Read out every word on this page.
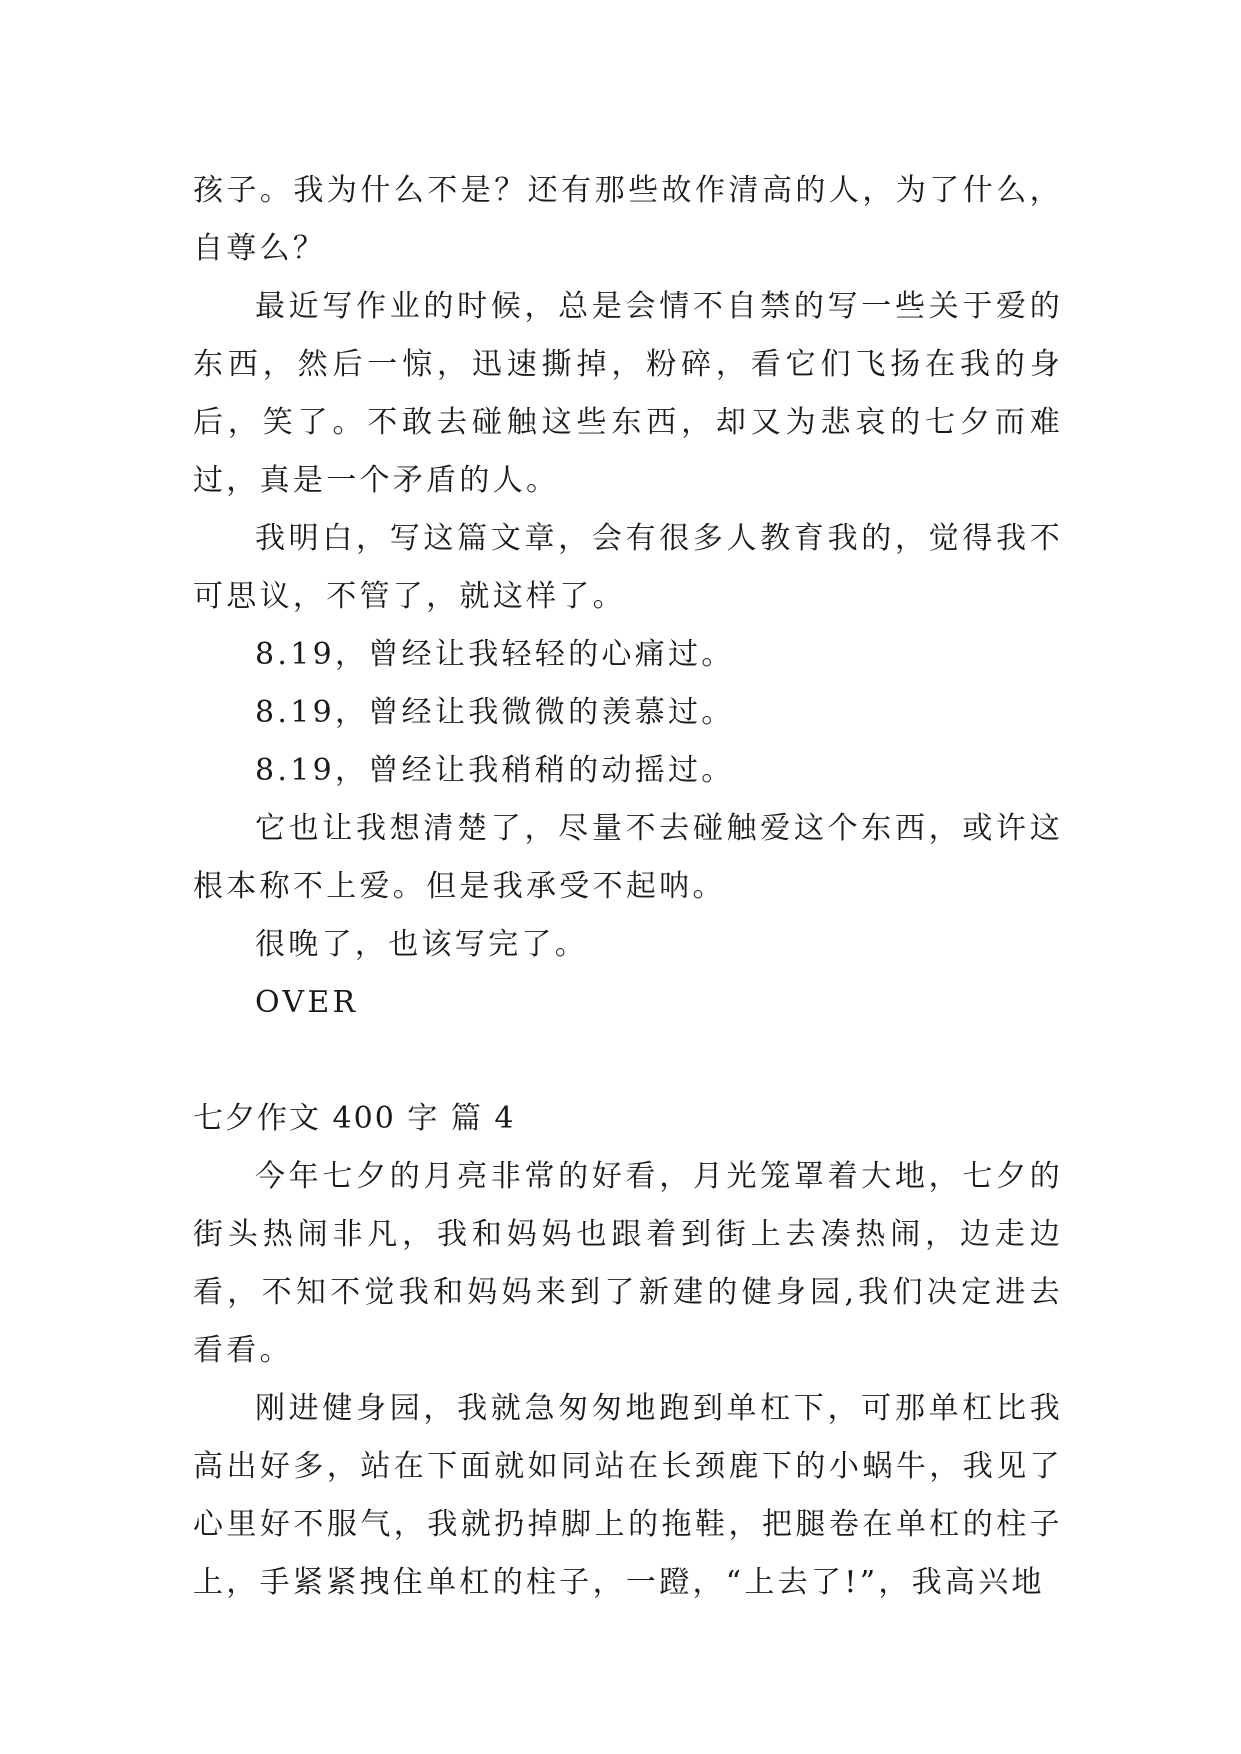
孩子。我为什么不是？还有那些故作清高的人，为了什么，自尊么？

最近写作业的时候，总是会情不自禁的写一些关于爱的东西，然后一惊，迅速撕掉，粉碎，看它们飞扬在我的身后，笑了。不敢去碰触这些东西，却又为悲哀的七夕而难过，真是一个矛盾的人。

我明白，写这篇文章，会有很多人教育我的，觉得我不可思议，不管了，就这样了。

8.19，曾经让我轻轻的心痛过。

8.19，曾经让我微微的羡慕过。

8.19，曾经让我稍稍的动摇过。

它也让我想清楚了，尽量不去碰触爱这个东西，或许这根本称不上爱。但是我承受不起呐。

很晚了，也该写完了。

OVER

七夕作文 400 字 篇 4

今年七夕的月亮非常的好看，月光笼罩着大地，七夕的街头热闹非凡，我和妈妈也跟着到街上去凑热闹，边走边看，不知不觉我和妈妈来到了新建的健身园,我们决定进去看看。

刚进健身园，我就急匆匆地跑到单杠下，可那单杠比我高出好多，站在下面就如同站在长颈鹿下的小蜗牛，我见了心里好不服气，我就扔掉脚上的拖鞋，把腿卷在单杠的柱子上，手紧紧拽住单杠的柱子，一蹬，“上去了!”，我高兴地
